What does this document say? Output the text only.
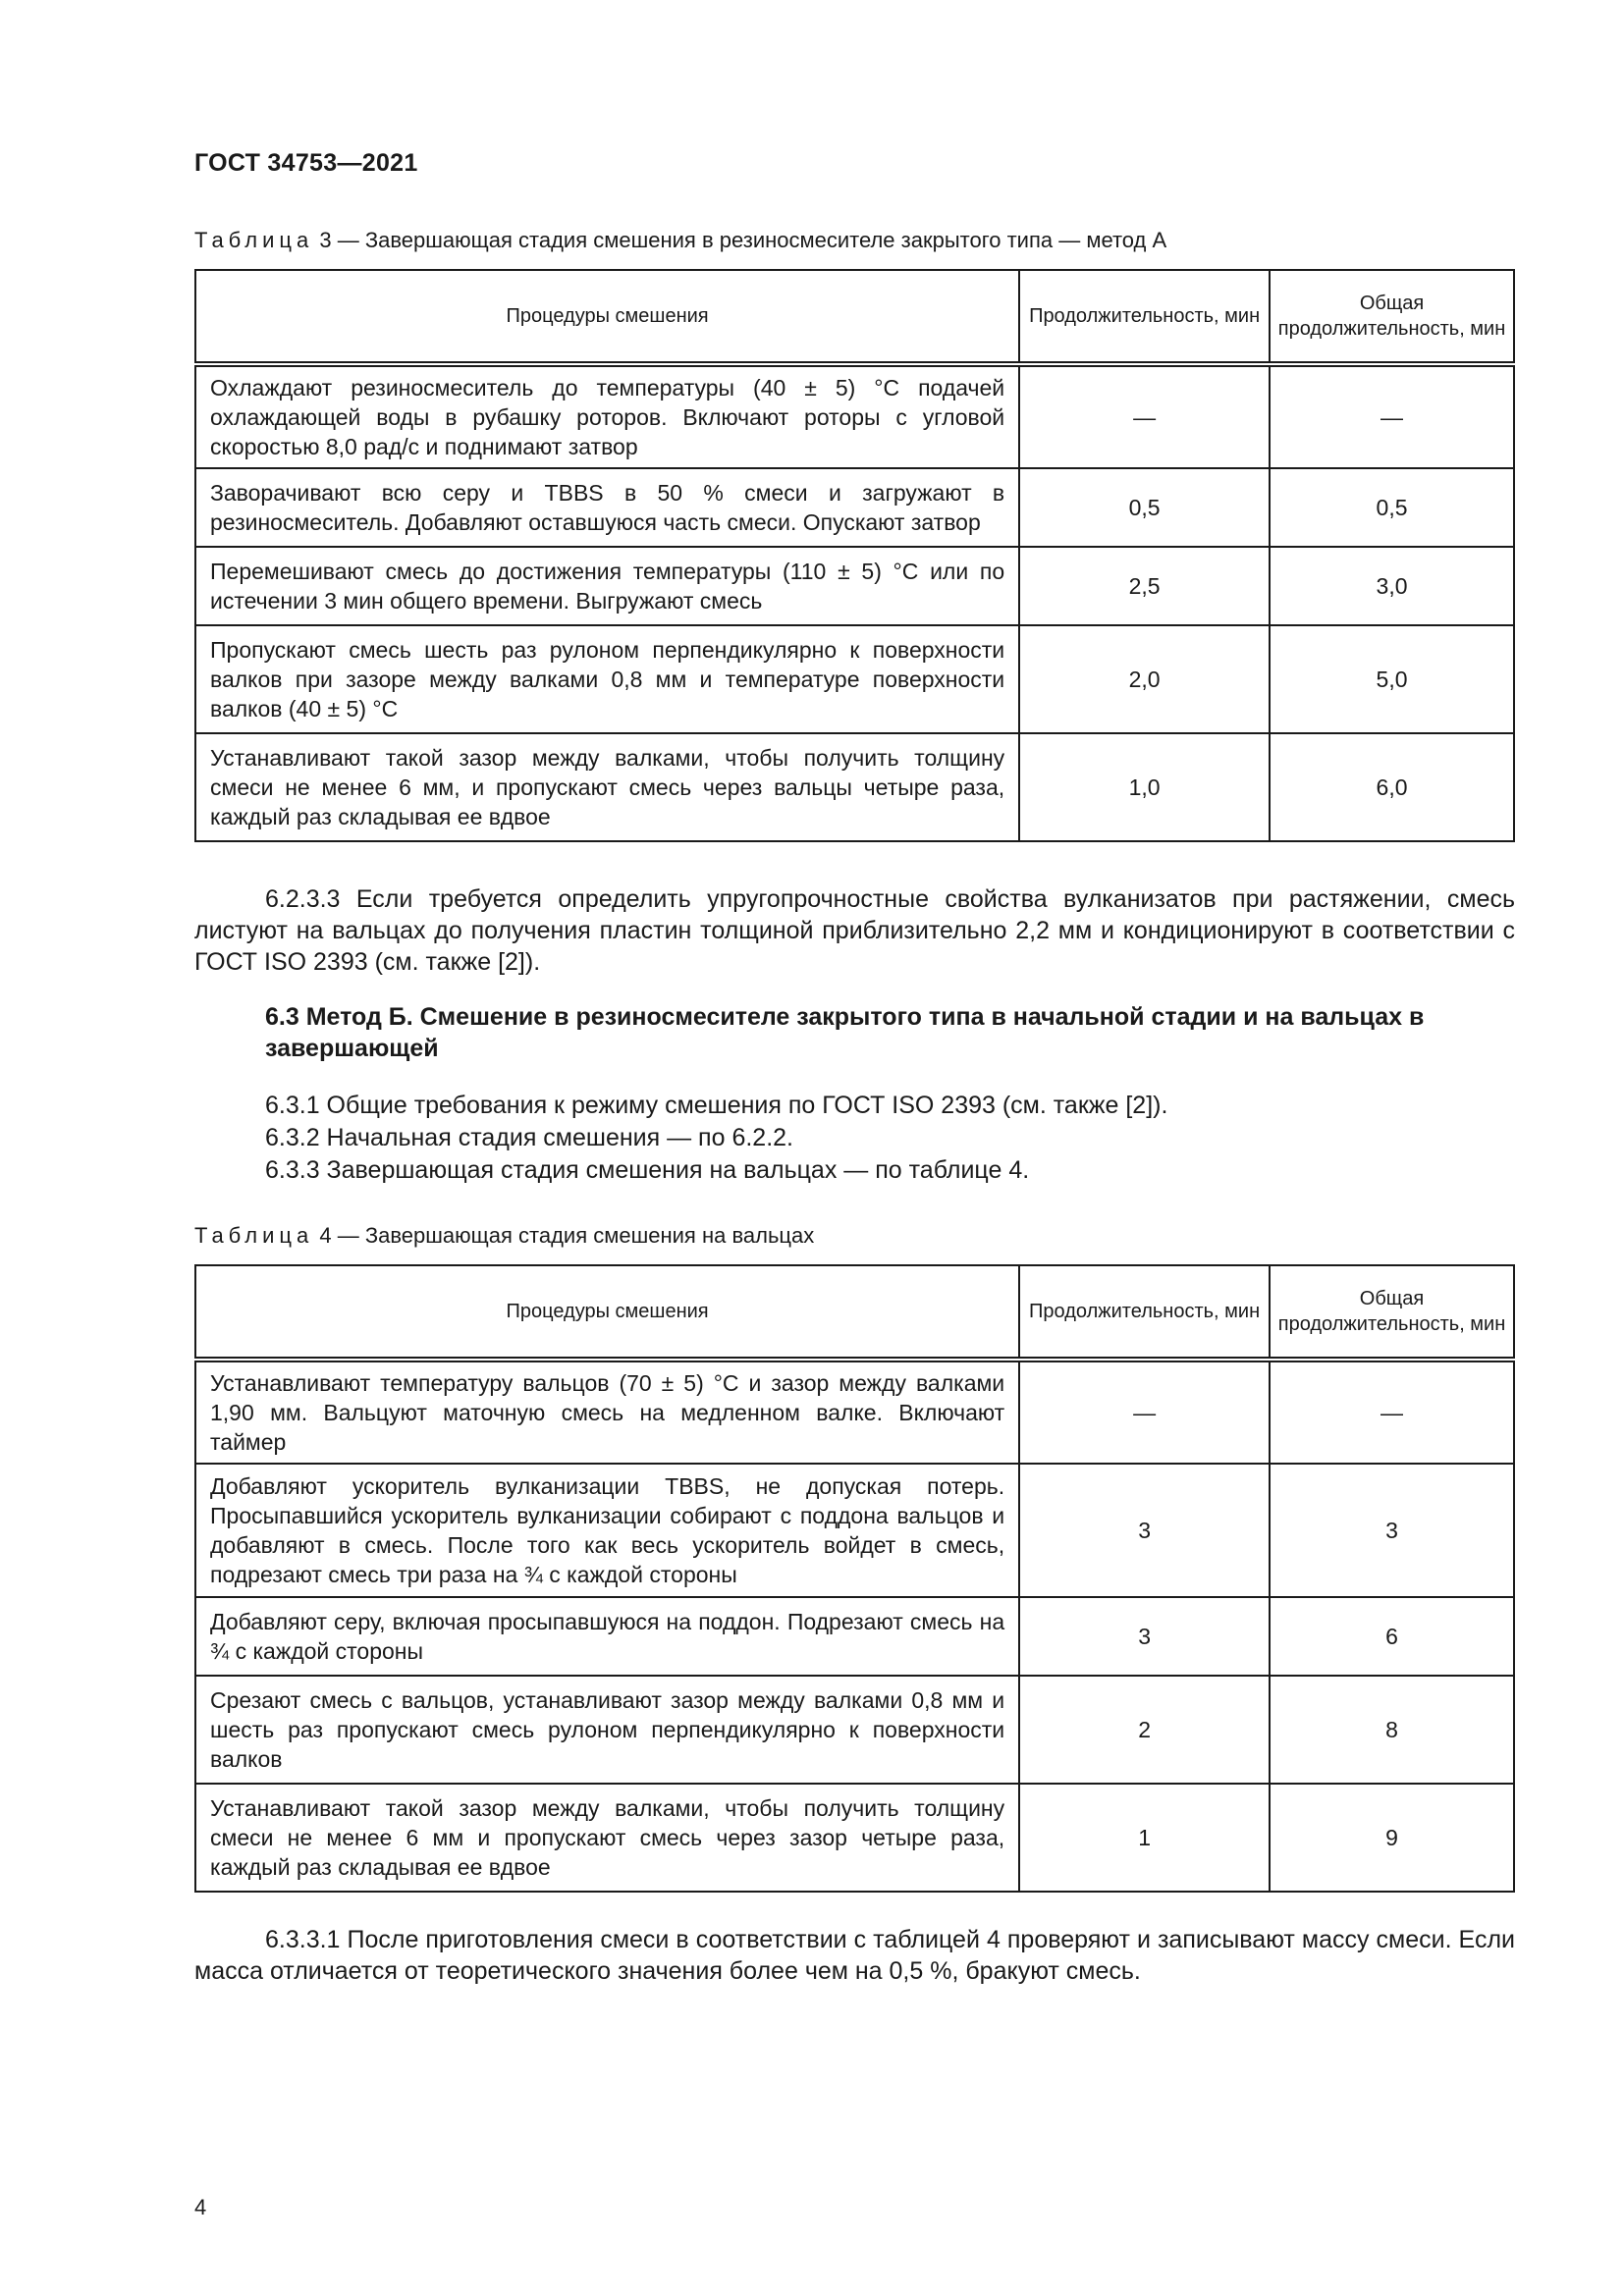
ГОСТ 34753—2021
Таблица 3 — Завершающая стадия смешения в резиносмесителе закрытого типа — метод А
Процедуры смешения	Продолжительность, мин	Общая продолжительность, мин
Охлаждают резиносмеситель до температуры (40 ± 5) °С подачей охлаждающей воды в рубашку роторов. Включают роторы с угловой скоростью 8,0 рад/с и поднимают затвор	—	—
Заворачивают всю серу и TBBS в 50 % смеси и загружают в резиносмеситель. Добавляют оставшуюся часть смеси. Опускают затвор	0,5	0,5
Перемешивают смесь до достижения температуры (110 ± 5) °С или по истечении 3 мин общего времени. Выгружают смесь	2,5	3,0
Пропускают смесь шесть раз рулоном перпендикулярно к поверхности валков при зазоре между валками 0,8 мм и температуре поверхности валков (40 ± 5) °С	2,0	5,0
Устанавливают такой зазор между валками, чтобы получить толщину смеси не менее 6 мм, и пропускают смесь через вальцы четыре раза, каждый раз складывая ее вдвое	1,0	6,0
6.2.3.3 Если требуется определить упругопрочностные свойства вулканизатов при растяжении, смесь листуют на вальцах до получения пластин толщиной приблизительно 2,2 мм и кондиционируют в соответствии с ГОСТ ISO 2393 (см. также [2]).
6.3 Метод Б. Смешение в резиносмесителе закрытого типа в начальной стадии и на вальцах в завершающей
6.3.1 Общие требования к режиму смешения по ГОСТ ISO 2393 (см. также [2]).
6.3.2 Начальная стадия смешения — по 6.2.2.
6.3.3 Завершающая стадия смешения на вальцах — по таблице 4.
Таблица 4 — Завершающая стадия смешения на вальцах
Процедуры смешения	Продолжительность, мин	Общая продолжительность, мин
Устанавливают температуру вальцов (70 ± 5) °С и зазор между валками 1,90 мм. Вальцуют маточную смесь на медленном валке. Включают таймер	—	—
Добавляют ускоритель вулканизации TBBS, не допуская потерь. Просыпавшийся ускоритель вулканизации собирают с поддона вальцов и добавляют в смесь. После того как весь ускоритель войдет в смесь, подрезают смесь три раза на ¾ с каждой стороны	3	3
Добавляют серу, включая просыпавшуюся на поддон. Подрезают смесь на ¾ с каждой стороны	3	6
Срезают смесь с вальцов, устанавливают зазор между валками 0,8 мм и шесть раз пропускают смесь рулоном перпендикулярно к поверхности валков	2	8
Устанавливают такой зазор между валками, чтобы получить толщину смеси не менее 6 мм и пропускают смесь через зазор четыре раза, каждый раз складывая ее вдвое	1	9
6.3.3.1 После приготовления смеси в соответствии с таблицей 4 проверяют и записывают массу смеси. Если масса отличается от теоретического значения более чем на 0,5 %, бракуют смесь.
4
